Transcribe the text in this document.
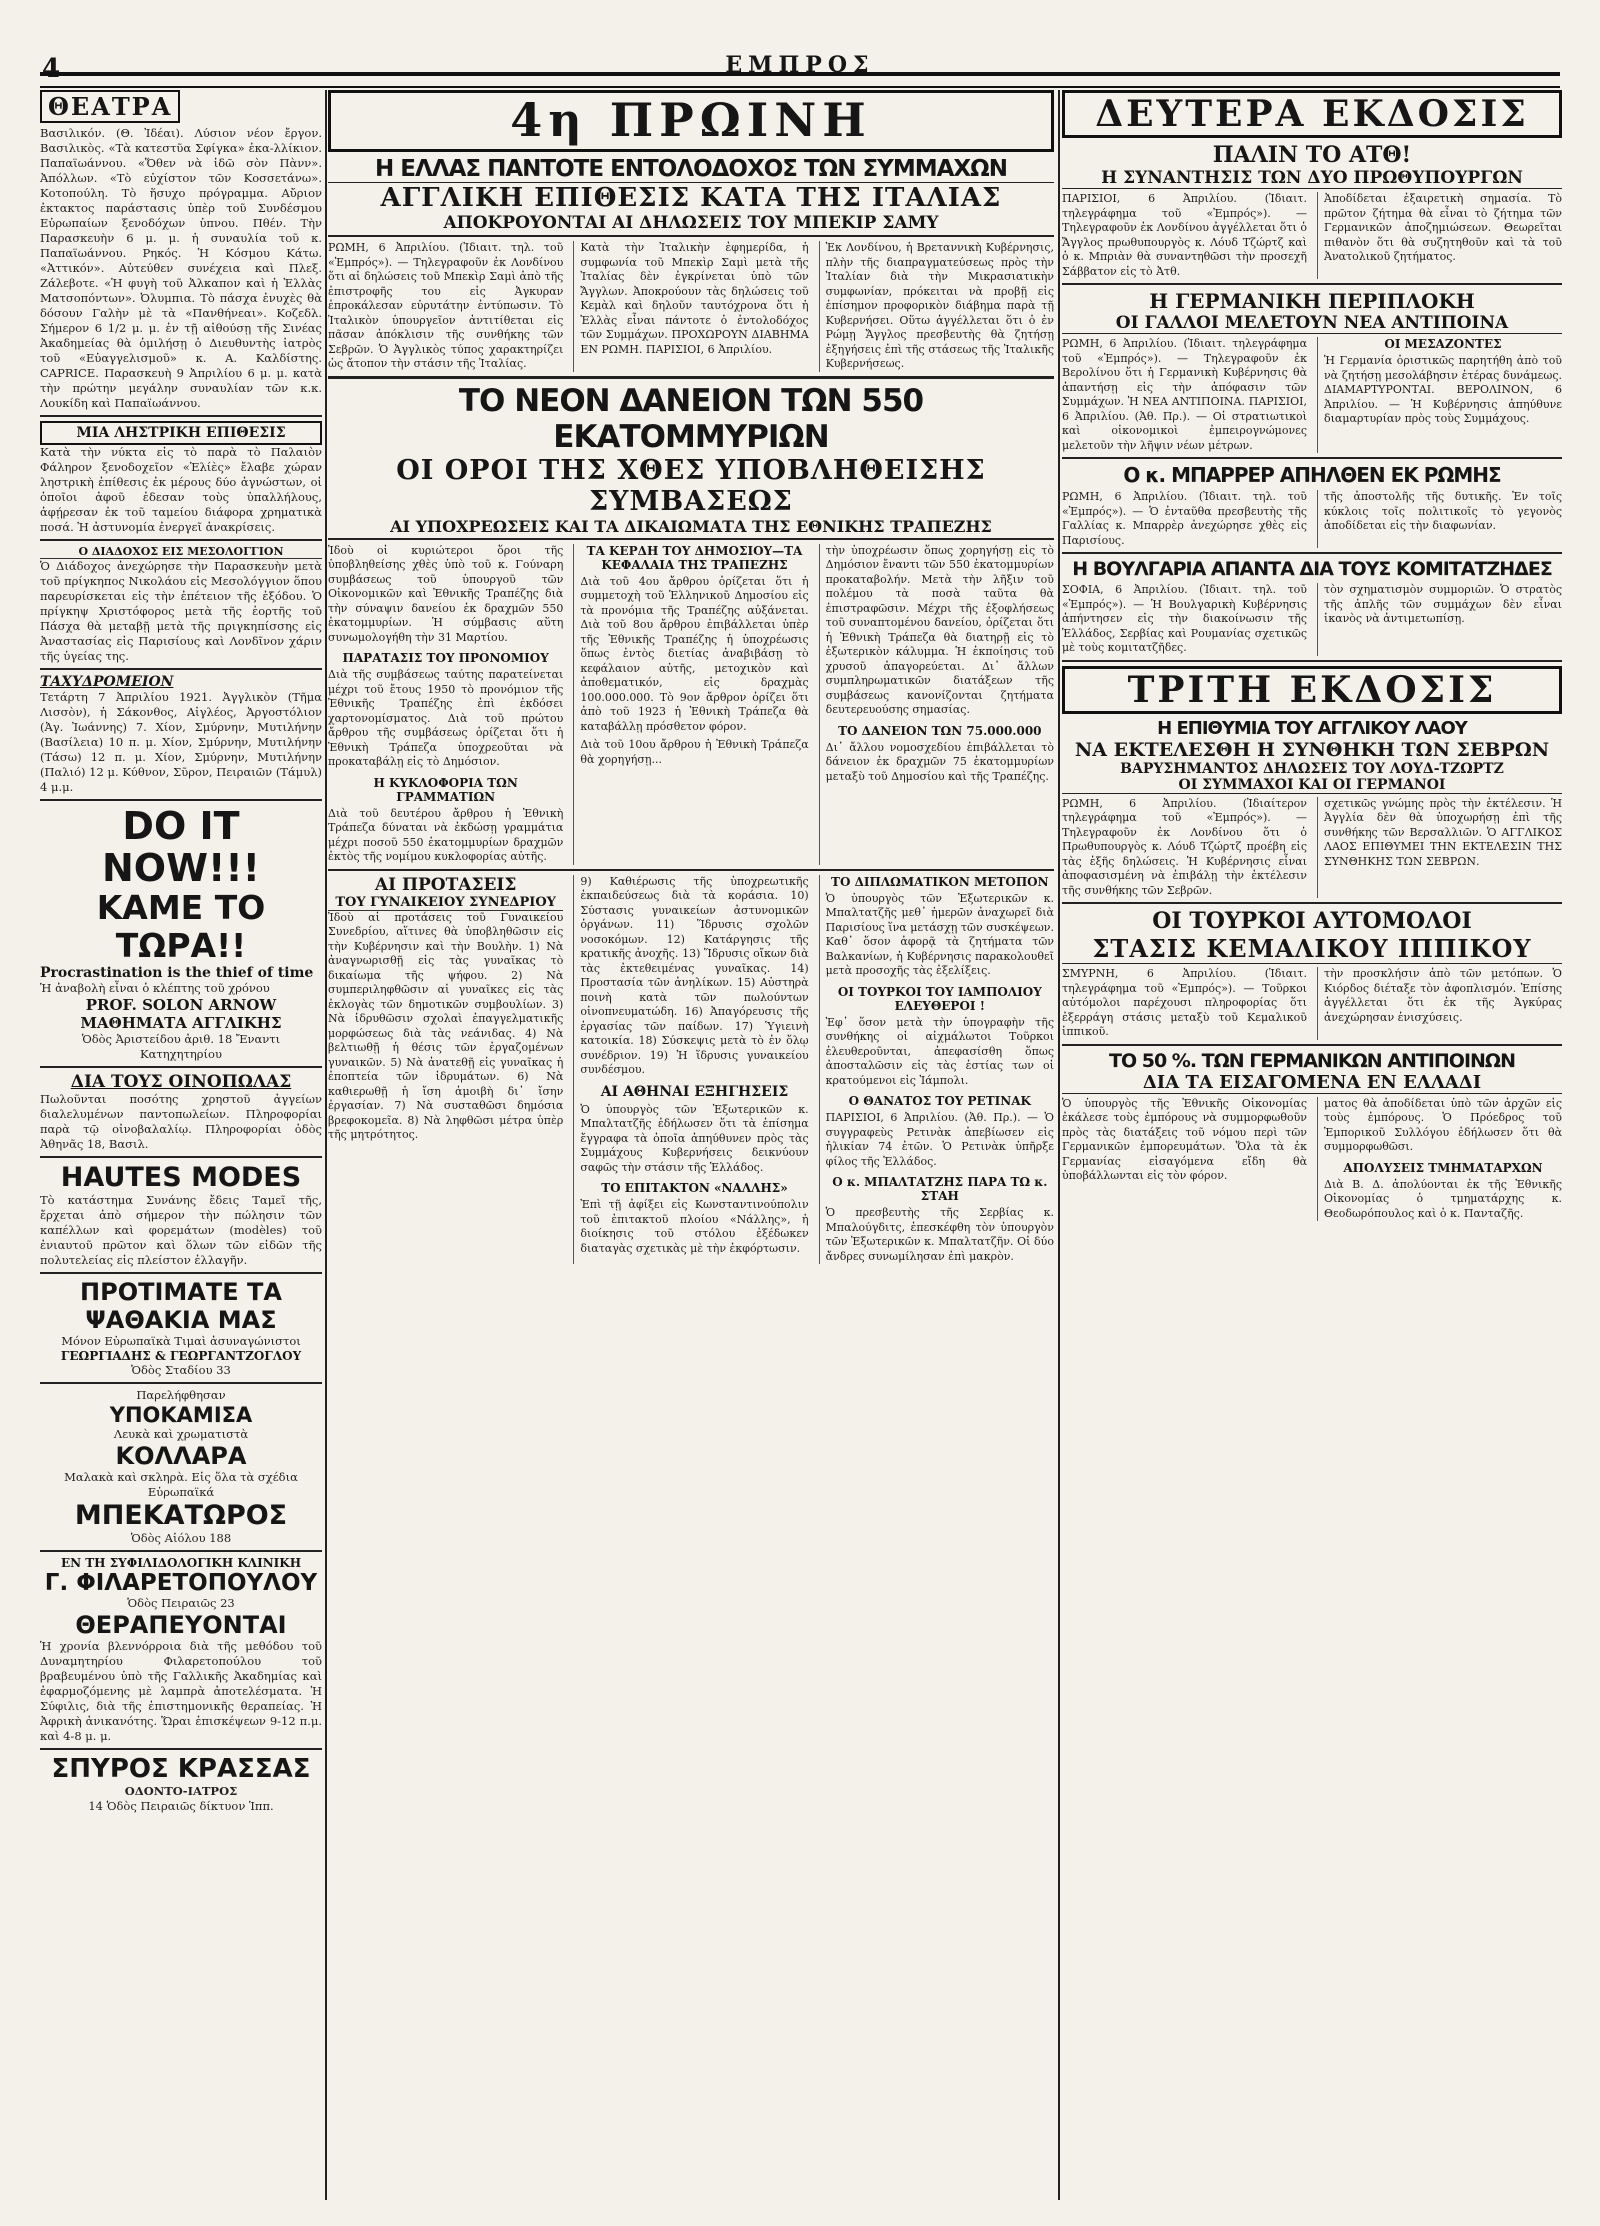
4	ΕΜΠΡΟΣ
ΘΕΑΤΡΑ
Βασιλικόν. (Θ. Ἰδέαι). Λύσιον νέον ἔργον. Βασιλικὸς. «Τὰ κατεστῦα Σφίγκα» ἐκα-λλίκιον. Παπαϊωάννου. «Ὅθεν νὰ ἰδῶ σὸν Πὰνν». Ἀπόλλων. «Τὸ εὐχίστον τῶν Κοσσετάνω». Κοτοπούλη. Τὸ ἥσυχο πρόγραμμα. Αὔριον ἐκτακτος παράστασις ὑπὲρ τοῦ Συνδέσμου Εὐρωπαίων ξενοδόχων ὑπνου. Πθέν. Τὴν Παρασκευὴν 6 μ. μ. ἡ συναυλία τοῦ κ. Παπαϊωάννου. Ρηκός. Ἡ Κόσμου Κάτω. «Ἀττικόν». Αὐτεύθεν συνέχεια καὶ Πλεξ. Ζάλεβοτε. «Ἡ φυγὴ τοῦ Ἀλκαπον καὶ ἡ Ἑλλὰς Ματσοπόντων». Ὀλυμπια. Τὸ πάσχα ἐνυχὲς θὰ δόσουν Γαλὴν μὲ τὰ «Πανθήνεαι». Κοζεδλ. Σήμερον 6 1/2 μ. μ. ἐν τῇ αἰθούσῃ τῆς Σινέας Ἀκαδημείας θὰ ὁμιλήσῃ ὁ Διευθυντὴς ἰατρὸς τοῦ «Εὐαγγελισμοῦ» κ. Α. Καλδίστης. CAPRICE. Παρασκευὴ 9 Ἀπριλίου 6 μ. μ. κατὰ τὴν πρώτην μεγάλην συναυλίαν τῶν κ.κ. Λουκίδη καὶ Παπαϊωάννου.
ΜΙΑ ΛΗΣΤΡΙΚΗ ΕΠΙΘΕΣΙΣ
Κατὰ τὴν νύκτα εἰς τὸ παρὰ τὸ Παλαιὸν Φάληρον ξενοδοχεῖον «Ἑλίὲς» ἔλαβε χώραν ληστρικὴ ἐπίθεσις ἐκ μέρους δύο ἀγνώστων, οἱ ὁποῖοι ἀφοῦ ἐδεσαν τοὺς ὑπαλλήλους, ἀφῄρεσαν ἐκ τοῦ ταμείου διάφορα χρηματικὰ ποσά. Ἡ ἀστυνομία ἐνεργεῖ ἀνακρίσεις.
Ο ΔΙΑΔΟΧΟΣ ΕΙΣ ΜΕΣΟΛΟΓΓΙΟΝ
Ὁ Διάδοχος ἀνεχώρησε τὴν Παρασκευὴν μετὰ τοῦ πρίγκηπος Νικολάου εἰς Μεσολόγγιον ὅπου παρευρίσκεται εἰς τὴν ἐπέτειον τῆς ἐξόδου. Ὁ πρίγκηψ Χριστόφορος μετὰ τῆς ἑορτῆς τοῦ Πάσχα θὰ μεταβῇ μετὰ τῆς πριγκηπίσσης εἰς Ἀναστασίας εἰς Παρισίους καὶ Λονδῖνον χάριν τῆς ὑγείας της.
ΤΑΧΥΔΡΟΜΕΙΟΝ
Τετάρτη 7 Ἀπριλίου 1921. Ἀγγλικὸν (Τῆμα Λισσὸν), ἡ Σάκονθος, Αἰγλέος, Ἀργοστόλιον (Ἀγ. Ἰωάννης) 7. Χίον, Σμύρνην, Μυτιλήνην (Βασίλεια) 10 π. μ. Χίον, Σμύρνην, Μυτιλήνην (Τάσω) 12 π. μ. Χίον, Σμύρνην, Μυτιλήνην (Παλιό) 12 μ. Κύθνον, Σῦρον, Πειραιῶν (Τάμυλ) 4 μ.μ.
DO IT NOW!!!
ΚΑΜΕ ΤΟ ΤΩΡΑ!!
Procrastination is the thief of time
Ἡ ἀναβολὴ εἶναι ὁ κλέπτης τοῦ χρόνου
PROF. SOLON ARNOW
ΜΑΘΗΜΑΤΑ ΑΓΓΛΙΚΗΣ
Ὁδὸς Ἀριστείδου ἀριθ. 18 Ἔναντι Κατηχητηρίου
ΔΙΑ ΤΟΥΣ ΟΙΝΟΠΩΛΑΣ
Πωλοῦνται ποσότης χρηστοῦ ἀγγείων διαλελυμένων παντοπωλείων. Πληροφορίαι παρὰ τῷ οἰνοβαλαλίῳ. Πληροφορίαι ὁδὸς Ἀθηνᾶς 18, Βασιλ.
HAUTES MODES
Τὸ κατάστημα Συνάνης ἔδεις Ταμεῖ τῆς, ἔρχεται ἀπὸ σήμερον τὴν πώλησιν τῶν καπέλλων καὶ φορεμάτων (modèles) τοῦ ἐνιαυτοῦ πρῶτον καὶ ὅλων τῶν εἰδῶν τῆς πολυτελείας εἰς πλείστον ἐλλαγῆν.
ΠΡΟΤΙΜΑΤΕ ΤΑ ΨΑΘΑΚΙΑ ΜΑΣ
Μόνον Εὐρωπαϊκὰ Τιμαὶ ἀσυναγώνιστοι
ΓΕΩΡΓΙΑΔΗΣ & ΓΕΩΡΓΑΝΤΖΟΓΛΟΥ
Ὁδὸς Σταδίου 33
Παρελήφθησαν
ΥΠΟΚΑΜΙΣΑ
Λευκὰ καὶ χρωματιστὰ
ΚΟΛΛΑΡΑ
Μαλακὰ καὶ σκληρὰ. Εἰς ὅλα τὰ σχέδια Εὐρωπαϊκά
ΜΠΕΚΑΤΩΡΟΣ
Ὁδὸς Αἰόλου 188
ΕΝ ΤΗ ΣΥΦΙΛΙΔΟΛΟΓΙΚΗ ΚΛΙΝΙΚΗ
Γ. ΦΙΛΑΡΕΤΟΠΟΥΛΟΥ
Ὁδὸς Πειραιῶς 23
ΘΕΡΑΠΕΥΟΝΤΑΙ
Ἡ χρονία βλεννόρροια διὰ τῆς μεθόδου τοῦ Δυναμητηρίου Φιλαρετοπούλου τοῦ βραβευμένου ὑπὸ τῆς Γαλλικῆς Ἀκαδημίας καὶ ἐφαρμοζόμενης μὲ λαμπρὰ ἀποτελέσματα. Ἡ Σύφιλις, διὰ τῆς ἐπιστημονικῆς θεραπείας. Ἡ Ἀφρικὴ ἀνικανότης. Ὥραι ἐπισκέψεων 9-12 π.μ. καὶ 4-8 μ. μ.
ΣΠΥΡΟΣ ΚΡΑΣΣΑΣ
ΟΔΟΝΤΟ-ΙΑΤΡΟΣ
14 Ὁδὸς Πειραιῶς δίκτυον Ἱππ.
4η ΠΡΩΙΝΗ
Η ΕΛΛΑΣ ΠΑΝΤΟΤΕ ΕΝΤΟΛΟΔΟΧΟΣ ΤΩΝ ΣΥΜΜΑΧΩΝ
ΑΓΓΛΙΚΗ ΕΠΙΘΕΣΙΣ ΚΑΤΑ ΤΗΣ ΙΤΑΛΙΑΣ
ΑΠΟΚΡΟΥΟΝΤΑΙ ΑΙ ΔΗΛΩΣΕΙΣ ΤΟΥ ΜΠΕΚΙΡ ΣΑΜΥ
ΡΩΜΗ, 6 Ἀπριλίου. (Ἰδιαιτ. τηλ. τοῦ «Ἐμπρός»). — Τηλεγραφοῦν ἐκ Λονδίνου ὅτι αἱ δηλώσεις τοῦ Μπεκὶρ Σαμὶ ἀπὸ τῆς ἐπιστροφῆς του εἰς Ἀγκυραν ἐπροκάλεσαν εὐρυτάτην ἐντύπωσιν. Τὸ Ἰταλικὸν ὑπουργεῖον ἀντιτίθεται εἰς πᾶσαν ἀπόκλισιν τῆς συνθήκης τῶν Σεβρῶν. Ὁ Ἀγγλικὸς τύπος χαρακτηρίζει ὡς ἄτοπον τὴν στάσιν τῆς Ἰταλίας.
Κατὰ τὴν Ἰταλικὴν ἐφημερίδα, ἡ συμφωνία τοῦ Μπεκὶρ Σαμὶ μετὰ τῆς Ἰταλίας δὲν ἐγκρίνεται ὑπὸ τῶν Ἄγγλων. Ἀποκρούουν τὰς δηλώσεις τοῦ Κεμὰλ καὶ δηλοῦν ταυτόχρονα ὅτι ἡ Ἑλλὰς εἶναι πάντοτε ὁ ἐντολοδόχος τῶν Συμμάχων. ΠΡΟΧΩΡΟΥΝ ΔΙΑΒΗΜΑ ΕΝ ΡΩΜΗ. ΠΑΡΙΣΙΟΙ, 6 Ἀπριλίου.
Ἐκ Λονδίνου, ἡ Βρεταννικὴ Κυβέρνησις, πλὴν τῆς διαπραγματεύσεως πρὸς τὴν Ἰταλίαν διὰ τὴν Μικρασιατικὴν συμφωνίαν, πρόκειται νὰ προβῇ εἰς ἐπίσημον προφορικὸν διάβημα παρὰ τῇ Κυβερνήσει. Οὕτω ἀγγέλλεται ὅτι ὁ ἐν Ρώμῃ Ἄγγλος πρεσβευτὴς θὰ ζητήσῃ ἐξηγήσεις ἐπὶ τῆς στάσεως τῆς Ἰταλικῆς Κυβερνήσεως.
ΤΟ ΝΕΟΝ ΔΑΝΕΙΟΝ ΤΩΝ 550 ΕΚΑΤΟΜΜΥΡΙΩΝ
ΟΙ ΟΡΟΙ ΤΗΣ ΧΘΕΣ ΥΠΟΒΛΗΘΕΙΣΗΣ ΣΥΜΒΑΣΕΩΣ
ΑΙ ΥΠΟΧΡΕΩΣΕΙΣ ΚΑΙ ΤΑ ΔΙΚΑΙΩΜΑΤΑ ΤΗΣ ΕΘΝΙΚΗΣ ΤΡΑΠΕΖΗΣ
Ἰδοὺ οἱ κυριώτεροι ὅροι τῆς ὑποβληθείσης χθὲς ὑπὸ τοῦ κ. Γούναρη συμβάσεως τοῦ ὑπουργοῦ τῶν Οἰκονομικῶν καὶ Ἐθνικῆς Τραπέζης διὰ τὴν σύναψιν δανείου ἐκ δραχμῶν 550 ἑκατομμυρίων. Ἡ σύμβασις αὕτη συνωμολογήθη τὴν 31 Μαρτίου.
ΠΑΡΑΤΑΣΙΣ ΤΟΥ ΠΡΟΝΟΜΙΟΥ
Διὰ τῆς συμβάσεως ταύτης παρατείνεται μέχρι τοῦ ἔτους 1950 τὸ προνόμιον τῆς Ἐθνικῆς Τραπέζης ἐπὶ ἐκδόσει χαρτονομίσματος. Διὰ τοῦ πρώτου ἄρθρου τῆς συμβάσεως ὁρίζεται ὅτι ἡ Ἐθνικὴ Τράπεζα ὑποχρεοῦται νὰ προκαταβάλῃ εἰς τὸ Δημόσιον.
Η ΚΥΚΛΟΦΟΡΙΑ ΤΩΝ ΓΡΑΜΜΑΤΙΩΝ
Διὰ τοῦ δευτέρου ἄρθρου ἡ Ἐθνικὴ Τράπεζα δύναται νὰ ἐκδώσῃ γραμμάτια μέχρι ποσοῦ 550 ἑκατομμυρίων δραχμῶν ἐκτὸς τῆς νομίμου κυκλοφορίας αὐτῆς.
ΤΑ ΚΕΡΔΗ ΤΟΥ ΔΗΜΟΣΙΟΥ—ΤΑ ΚΕΦΑΛΑΙΑ ΤΗΣ ΤΡΑΠΕΖΗΣ
Διὰ τοῦ 4ου ἄρθρου ὁρίζεται ὅτι ἡ συμμετοχὴ τοῦ Ἑλληνικοῦ Δημοσίου εἰς τὰ προνόμια τῆς Τραπέζης αὐξάνεται. Διὰ τοῦ 8ου ἄρθρου ἐπιβάλλεται ὑπὲρ τῆς Ἐθνικῆς Τραπέζης ἡ ὑποχρέωσις ὅπως ἐντὸς διετίας ἀναβιβάσῃ τὸ κεφάλαιον αὐτῆς, μετοχικὸν καὶ ἀποθεματικόν, εἰς δραχμὰς 100.000.000. Τὸ 9ον ἄρθρον ὁρίζει ὅτι ἀπὸ τοῦ 1923 ἡ Ἐθνικὴ Τράπεζα θὰ καταβάλλῃ πρόσθετον φόρον.
Διὰ τοῦ 10ου ἄρθρου ἡ Ἐθνικὴ Τράπεζα θὰ χορηγήσῃ...
τὴν ὑποχρέωσιν ὅπως χορηγήσῃ εἰς τὸ Δημόσιον ἔναντι τῶν 550 ἑκατομμυρίων προκαταβολήν. Μετὰ τὴν λῆξιν τοῦ πολέμου τὰ ποσὰ ταῦτα θὰ ἐπιστραφῶσιν. Μέχρι τῆς ἐξοφλήσεως τοῦ συναπτομένου δανείου, ὁρίζεται ὅτι ἡ Ἐθνικὴ Τράπεζα θὰ διατηρῇ εἰς τὸ ἐξωτερικὸν κάλυμμα. Ἡ ἐκποίησις τοῦ χρυσοῦ ἀπαγορεύεται. Δι᾽ ἄλλων συμπληρωματικῶν διατάξεων τῆς συμβάσεως κανονίζονται ζητήματα δευτερευούσης σημασίας.
ΤΟ ΔΑΝΕΙΟΝ ΤΩΝ 75.000.000
Δι᾽ ἄλλου νομοσχεδίου ἐπιβάλλεται τὸ δάνειον ἐκ δραχμῶν 75 ἑκατομμυρίων μεταξὺ τοῦ Δημοσίου καὶ τῆς Τραπέζης.
ΑΙ ΠΡΟΤΑΣΕΙΣ
ΤΟΥ ΓΥΝΑΙΚΕΙΟΥ ΣΥΝΕΔΡΙΟΥ
Ἰδοὺ αἱ προτάσεις τοῦ Γυναικείου Συνεδρίου, αἵτινες θὰ ὑποβληθῶσιν εἰς τὴν Κυβέρνησιν καὶ τὴν Βουλὴν. 1) Νὰ ἀναγνωρισθῇ εἰς τὰς γυναῖκας τὸ δικαίωμα τῆς ψήφου. 2) Νὰ συμπεριληφθῶσιν αἱ γυναῖκες εἰς τὰς ἐκλογὰς τῶν δημοτικῶν συμβουλίων. 3) Νὰ ἱδρυθῶσιν σχολαὶ ἐπαγγελματικῆς μορφώσεως διὰ τὰς νεάνιδας. 4) Νὰ βελτιωθῇ ἡ θέσις τῶν ἐργαζομένων γυναικῶν. 5) Νὰ ἀνατεθῇ εἰς γυναῖκας ἡ ἐποπτεία τῶν ἱδρυμάτων. 6) Νὰ καθιερωθῇ ἡ ἴση ἀμοιβὴ δι᾽ ἴσην ἐργασίαν. 7) Νὰ συσταθῶσι δημόσια βρεφοκομεῖα. 8) Νὰ ληφθῶσι μέτρα ὑπὲρ τῆς μητρότητος.
9) Καθιέρωσις τῆς ὑποχρεωτικῆς ἐκπαιδεύσεως διὰ τὰ κοράσια. 10) Σύστασις γυναικείων ἀστυνομικῶν ὀργάνων. 11) Ἵδρυσις σχολῶν νοσοκόμων. 12) Κατάργησις τῆς κρατικῆς ἀνοχῆς. 13) Ἵδρυσις οἴκων διὰ τὰς ἐκτεθειμένας γυναῖκας. 14) Προστασία τῶν ἀνηλίκων. 15) Αὐστηρὰ ποινὴ κατὰ τῶν πωλούντων οἰνοπνευματώδη. 16) Ἀπαγόρευσις τῆς ἐργασίας τῶν παίδων. 17) Ὑγιεινὴ κατοικία. 18) Σύσκεψις μετὰ τὸ ἐν ὅλῳ συνέδριον. 19) Ἡ ἵδρυσις γυναικείου συνδέσμου.
ΑΙ ΑΘΗΝΑΙ ΕΞΗΓΗΣΕΙΣ
Ὁ ὑπουργὸς τῶν Ἐξωτερικῶν κ. Μπαλτατζῆς ἐδήλωσεν ὅτι τὰ ἐπίσημα ἔγγραφα τὰ ὁποῖα ἀπηύθυνεν πρὸς τὰς Συμμάχους Κυβερνήσεις δεικνύουν σαφῶς τὴν στάσιν τῆς Ἑλλάδος.
ΤΟ ΕΠΙΤΑΚΤΟΝ «ΝΑΛΛΗΣ»
Ἐπὶ τῇ ἀφίξει εἰς Κωνσταντινούπολιν τοῦ ἐπιτακτοῦ πλοίου «Νάλλης», ἡ διοίκησις τοῦ στόλου ἐξέδωκεν διαταγὰς σχετικὰς μὲ τὴν ἐκφόρτωσιν.
ΤΟ ΔΙΠΛΩΜΑΤΙΚΟΝ ΜΕΤΟΠΟΝ
Ὁ ὑπουργὸς τῶν Ἐξωτερικῶν κ. Μπαλτατζῆς μεθ᾽ ἡμερῶν ἀναχωρεῖ διὰ Παρισίους ἵνα μετάσχῃ τῶν συσκέψεων. Καθ᾽ ὅσον ἀφορᾷ τὰ ζητήματα τῶν Βαλκανίων, ἡ Κυβέρνησις παρακολουθεῖ μετὰ προσοχῆς τὰς ἐξελίξεις.
ΟΙ ΤΟΥΡΚΟΙ ΤΟΥ ΙΑΜΠΟΛΙΟΥ ΕΛΕΥΘΕΡΟΙ !
Ἐφ᾽ ὅσον μετὰ τὴν ὑπογραφὴν τῆς συνθήκης οἱ αἰχμάλωτοι Τοῦρκοι ἐλευθεροῦνται, ἀπεφασίσθη ὅπως ἀποσταλῶσιν εἰς τὰς ἑστίας των οἱ κρατούμενοι εἰς Ἰάμπολι.
Ο ΘΑΝΑΤΟΣ ΤΟΥ ΡΕΤΙΝΑΚ
ΠΑΡΙΣΙΟΙ, 6 Ἀπριλίου. (Ἀθ. Πρ.). — Ὁ συγγραφεὺς Ρετινὰκ ἀπεβίωσεν εἰς ἡλικίαν 74 ἐτῶν. Ὁ Ρετινὰκ ὑπῆρξε φίλος τῆς Ἑλλάδος.
Ο κ. ΜΠΑΛΤΑΤΖΗΣ ΠΑΡΑ ΤΩ κ. ΣΤΑΗ
Ὁ πρεσβευτὴς τῆς Σερβίας κ. Μπαλούγδιτς, ἐπεσκέφθη τὸν ὑπουργὸν τῶν Ἐξωτερικῶν κ. Μπαλτατζῆν. Οἱ δύο ἄνδρες συνωμίλησαν ἐπὶ μακρὸν.
ΔΕΥΤΕΡΑ ΕΚΔΟΣΙΣ
ΠΑΛΙΝ ΤΟ ΑΤΘ!
Η ΣΥΝΑΝΤΗΣΙΣ ΤΩΝ ΔΥΟ ΠΡΩΘΥΠΟΥΡΓΩΝ
ΠΑΡΙΣΙΟΙ, 6 Ἀπριλίου. (Ἰδιαιτ. τηλεγράφημα τοῦ «Ἐμπρός»). — Τηλεγραφοῦν ἐκ Λονδίνου ἀγγέλλεται ὅτι ὁ Ἄγγλος πρωθυπουργὸς κ. Λόυδ Τζώρτζ καὶ ὁ κ. Μπριὰν θὰ συναντηθῶσι τὴν προσεχῆ Σάββατον εἰς τὸ Ἀτθ.
Ἀποδίδεται ἐξαιρετικὴ σημασία. Τὸ πρῶτον ζήτημα θὰ εἶναι τὸ ζήτημα τῶν Γερμανικῶν ἀποζημιώσεων. Θεωρεῖται πιθανὸν ὅτι θὰ συζητηθοῦν καὶ τὰ τοῦ Ἀνατολικοῦ ζητήματος.
Η ΓΕΡΜΑΝΙΚΗ ΠΕΡΙΠΛΟΚΗ
ΟΙ ΓΑΛΛΟΙ ΜΕΛΕΤΟΥΝ ΝΕΑ ΑΝΤΙΠΟΙΝΑ
ΡΩΜΗ, 6 Ἀπριλίου. (Ἰδιαιτ. τηλεγράφημα τοῦ «Ἐμπρός»). — Τηλεγραφοῦν ἐκ Βερολίνου ὅτι ἡ Γερμανικὴ Κυβέρνησις θὰ ἀπαντήσῃ εἰς τὴν ἀπόφασιν τῶν Συμμάχων. Ἡ ΝΕΑ ΑΝΤΙΠΟΙΝΑ. ΠΑΡΙΣΙΟΙ, 6 Ἀπριλίου. (Ἀθ. Πρ.). — Οἱ στρατιωτικοὶ καὶ οἰκονομικοὶ ἐμπειρογνώμονες μελετοῦν τὴν λῆψιν νέων μέτρων.
ΟΙ ΜΕΣΑΖΟΝΤΕΣ
Ἡ Γερμανία ὁριστικῶς παρητήθη ἀπὸ τοῦ νὰ ζητήσῃ μεσολάβησιν ἑτέρας δυνάμεως. ΔΙΑΜΑΡΤΥΡΟΝΤΑΙ. ΒΕΡΟΛΙΝΟΝ, 6 Ἀπριλίου. — Ἡ Κυβέρνησις ἀπηύθυνε διαμαρτυρίαν πρὸς τοὺς Συμμάχους.
Ο κ. ΜΠΑΡΡΕΡ ΑΠΗΛΘΕΝ ΕΚ ΡΩΜΗΣ
ΡΩΜΗ, 6 Ἀπριλίου. (Ἰδιαιτ. τηλ. τοῦ «Ἐμπρός»). — Ὁ ἐνταῦθα πρεσβευτὴς τῆς Γαλλίας κ. Μπαρρὲρ ἀνεχώρησε χθὲς εἰς Παρισίους.
τῆς ἀποστολῆς τῆς δυτικῆς. Ἐν τοῖς κύκλοις τοῖς πολιτικοῖς τὸ γεγονὸς ἀποδίδεται εἰς τὴν διαφωνίαν.
Η ΒΟΥΛΓΑΡΙΑ ΑΠΑΝΤΑ ΔΙΑ ΤΟΥΣ ΚΟΜΙΤΑΤΖΗΔΕΣ
ΣΟΦΙΑ, 6 Ἀπριλίου. (Ἰδιαιτ. τηλ. τοῦ «Ἐμπρός»). — Ἡ Βουλγαρικὴ Κυβέρνησις ἀπήντησεν εἰς τὴν διακοίνωσιν τῆς Ἑλλάδος, Σερβίας καὶ Ρουμανίας σχετικῶς μὲ τοὺς κομιτατζῆδες.
τὸν σχηματισμὸν συμμοριῶν. Ὁ στρατὸς τῆς ἀπλῆς τῶν συμμάχων δὲν εἶναι ἱκανὸς νὰ ἀντιμετωπίσῃ.
ΤΡΙΤΗ ΕΚΔΟΣΙΣ
Η ΕΠΙΘΥΜΙΑ ΤΟΥ ΑΓΓΛΙΚΟΥ ΛΑΟΥ
ΝΑ ΕΚΤΕΛΕΣΘΗ Η ΣΥΝΘΗΚΗ ΤΩΝ ΣΕΒΡΩΝ
ΒΑΡΥΣΗΜΑΝΤΟΣ ΔΗΛΩΣΕΙΣ ΤΟΥ ΛΟΥΔ-ΤΖΩΡΤΖ
ΟΙ ΣΥΜΜΑΧΟΙ ΚΑΙ ΟΙ ΓΕΡΜΑΝΟΙ
ΡΩΜΗ, 6 Ἀπριλίου. (Ἰδιαίτερον τηλεγράφημα τοῦ «Ἐμπρός»). — Τηλεγραφοῦν ἐκ Λονδίνου ὅτι ὁ Πρωθυπουργὸς κ. Λόυδ Τζώρτζ προέβη εἰς τὰς ἑξῆς δηλώσεις. Ἡ Κυβέρνησις εἶναι ἀποφασισμένη νὰ ἐπιβάλῃ τὴν ἐκτέλεσιν τῆς συνθήκης τῶν Σεβρῶν.
σχετικῶς γνώμης πρὸς τὴν ἐκτέλεσιν. Ἡ Ἀγγλία δὲν θὰ ὑποχωρήσῃ ἐπὶ τῆς συνθήκης τῶν Βερσαλλιῶν. Ὁ ΑΓΓΛΙΚΟΣ ΛΑΟΣ ΕΠΙΘΥΜΕΙ ΤΗΝ ΕΚΤΕΛΕΣΙΝ ΤΗΣ ΣΥΝΘΗΚΗΣ ΤΩΝ ΣΕΒΡΩΝ.
ΟΙ ΤΟΥΡΚΟΙ ΑΥΤΟΜΟΛΟΙ
ΣΤΑΣΙΣ ΚΕΜΑΛΙΚΟΥ ΙΠΠΙΚΟΥ
ΣΜΥΡΝΗ, 6 Ἀπριλίου. (Ἰδιαιτ. τηλεγράφημα τοῦ «Ἐμπρός»). — Τοῦρκοι αὐτόμολοι παρέχουσι πληροφορίας ὅτι ἐξερράγη στάσις μεταξὺ τοῦ Κεμαλικοῦ ἱππικοῦ.
τὴν προσκλήσιν ἀπὸ τῶν μετόπων. Ὁ Κιόρδος διέταξε τὸν ἀφοπλισμόν. Ἐπίσης ἀγγέλλεται ὅτι ἐκ τῆς Ἀγκύρας ἀνεχώρησαν ἐνισχύσεις.
ΤΟ 50 %. ΤΩΝ ΓΕΡΜΑΝΙΚΩΝ ΑΝΤΙΠΟΙΝΩΝ
ΔΙΑ ΤΑ ΕΙΣΑΓΟΜΕΝΑ ΕΝ ΕΛΛΑΔΙ
Ὁ ὑπουργὸς τῆς Ἐθνικῆς Οἰκονομίας ἐκάλεσε τοὺς ἐμπόρους νὰ συμμορφωθοῦν πρὸς τὰς διατάξεις τοῦ νόμου περὶ τῶν Γερμανικῶν ἐμπορευμάτων. Ὅλα τὰ ἐκ Γερμανίας εἰσαγόμενα εἴδη θὰ ὑποβάλλωνται εἰς τὸν φόρον.
ματος θὰ ἀποδίδεται ὑπὸ τῶν ἀρχῶν εἰς τοὺς ἐμπόρους. Ὁ Πρόεδρος τοῦ Ἐμπορικοῦ Συλλόγου ἐδήλωσεν ὅτι θὰ συμμορφωθῶσι.
ΑΠΟΛΥΣΕΙΣ ΤΜΗΜΑΤΑΡΧΩΝ
Διὰ Β. Δ. ἀπολύονται ἐκ τῆς Ἐθνικῆς Οἰκονομίας ὁ τμηματάρχης κ. Θεοδωρόπουλος καὶ ὁ κ. Πανταζῆς.
